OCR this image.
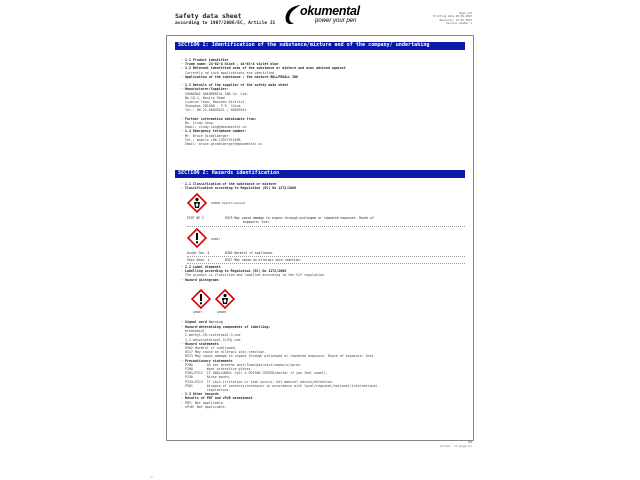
Safety data sheet
according to 1907/2006/EC, Article 31
okumental
power your pen
Page 1/5
Printing date 20.06.2023
Revision: 13.06.2023
Version number 1
SECTION 1: Identification of the substance/mixture and of the company/ undertaking
· 1.1 Product identifier
· Trade name: 24-62-A black , 44-63-A violet blue
· 1.2 Relevant identified uses of the substance or mixture and uses advised against
Currently no such applications are identified.
· Application of the substance / the mixture BOLLPENALL INK

· 1.3 Details of the supplier of the safety data sheet
· Manufacturer/Supplier:
SHANGHAI DOKUMENTAL INK Co. Ltd.
No.18-1, Wenjie Road
Liuhlan Town, Baoshan District
Shanghai 201908 , P.R. China
Tel.: 86-21-66849521 / 66849542

· Further information obtainable from:
Ms. Cindy Song
Email: cindy.song@dokumental.cn
· 1.4 Emergency telephone number:
Mr. Bruce Gindelberger
Tel.: mobile +86-13917914498
Email: bruce.gindelberger@dokumental.cn
SECTION 2: Hazards identification
· 2.1 Classification of the substance or mixture
· Classification according to Regulation (EC) No 1272/2008
GHS08 health hazard
STOT RE 2	H373 May cause damage to organs through prolonged or repeated exposure. Route of
exposure: Oral.
GHS07
Acute Tox. 4	H302 Harmful if swallowed.
Skin Sens. 1	H317 May cause an allergic skin reaction.
· 2.2 Label elements
· Labelling according to Regulation (EC) No 1272/2008
The product is classified and labelled according to the CLP regulation.
· Hazard pictograms
GHS07	GHS08
· Signal word Warning
· Hazard-determining components of labelling:
ethanediol
2-methyl-2H-isothiazol-3-one
1,2-benzisothiazol-3(2H)-one
· Hazard statements
H302 Harmful if swallowed.
H317 May cause an allergic skin reaction.
H373 May cause damage to organs through prolonged or repeated exposure. Route of exposure: Oral.
· Precautionary statements
P260       Do not breathe dust/fume/gas/mist/vapours/spray.
P280       Wear protective gloves.
P301+P312  IF SWALLOWED: Call a POISON CENTER/doctor if you feel unwell.
P330       Rinse mouth.
P333+P313  If skin irritation or rash occurs: Get medical advice/attention.
P501       Dispose of contents/container in accordance with local/regional/national/international
regulations.
· 2.3 Other hazards
· Results of PBT and vPvB assessment
· PBT: Not applicable.
· vPvB: Not applicable.
EN
(Contd. on page 2)
GB
